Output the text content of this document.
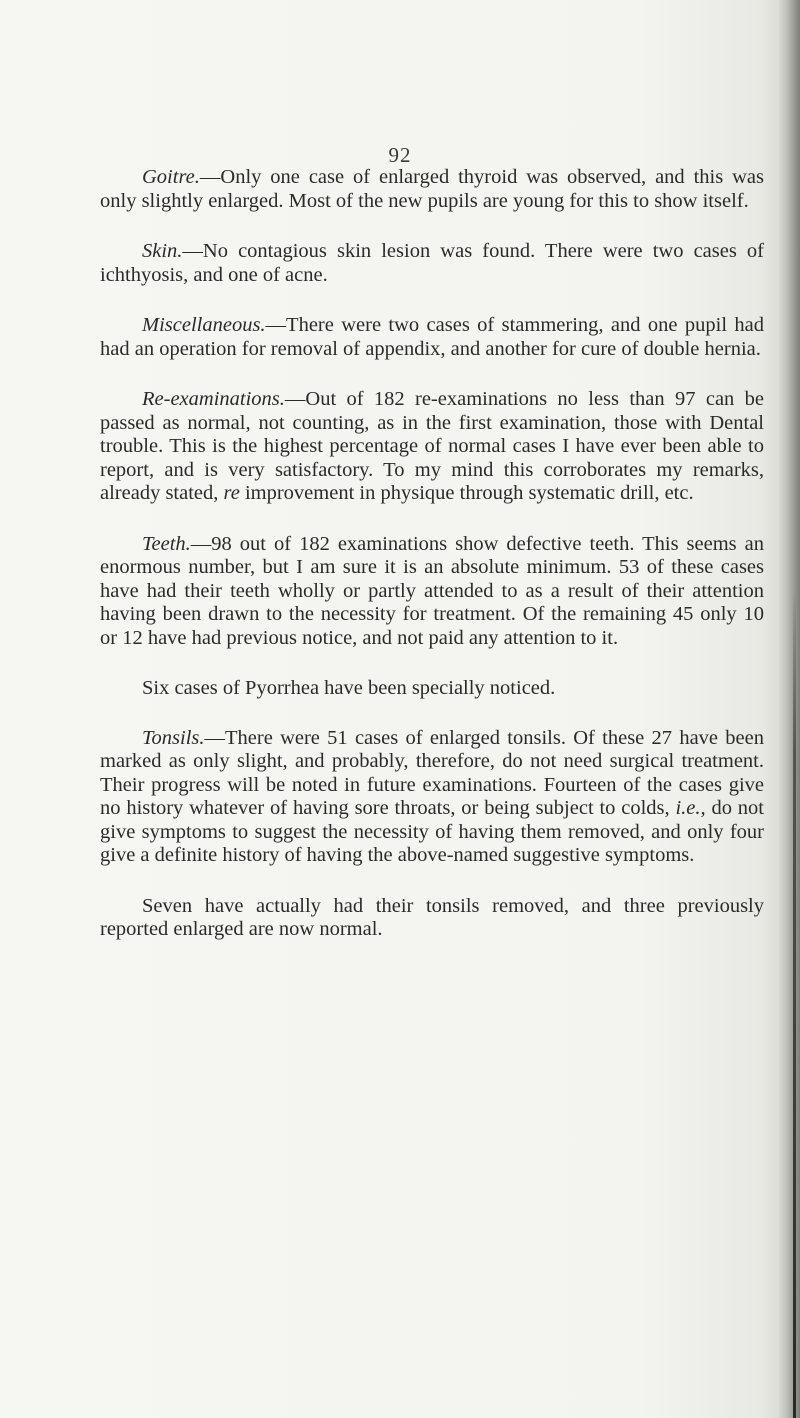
92

Goitre.—Only one case of enlarged thyroid was observed, and this was only slightly enlarged. Most of the new pupils are young for this to show itself.

Skin.—No contagious skin lesion was found. There were two cases of ichthyosis, and one of acne.

Miscellaneous.—There were two cases of stammering, and one pupil had had an operation for removal of appendix, and another for cure of double hernia.

Re-examinations.—Out of 182 re-examinations no less than 97 can be passed as normal, not counting, as in the first examination, those with Dental trouble. This is the highest percentage of normal cases I have ever been able to report, and is very satisfactory. To my mind this corroborates my remarks, already stated, re improvement in physique through systematic drill, etc.

Teeth.—98 out of 182 examinations show defective teeth. This seems an enormous number, but I am sure it is an absolute minimum. 53 of these cases have had their teeth wholly or partly attended to as a result of their attention having been drawn to the necessity for treatment. Of the remaining 45 only 10 or 12 have had previous notice, and not paid any attention to it.

Six cases of Pyorrhea have been specially noticed.

Tonsils.—There were 51 cases of enlarged tonsils. Of these 27 have been marked as only slight, and probably, therefore, do not need surgical treatment. Their progress will be noted in future examinations. Fourteen of the cases give no history whatever of having sore throats, or being subject to colds, i.e., do not give symptoms to suggest the necessity of having them removed, and only four give a definite history of having the above-named suggestive symptoms.

Seven have actually had their tonsils removed, and three previously reported enlarged are now normal.
